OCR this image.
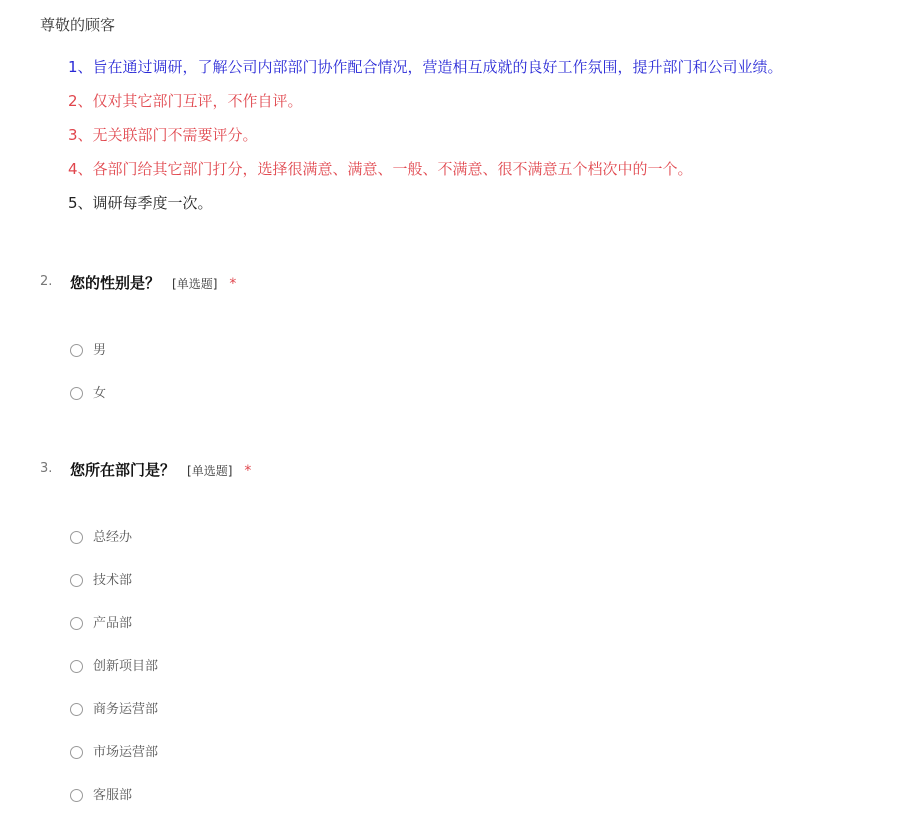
尊敬的顾客
1、旨在通过调研，了解公司内部部门协作配合情况，营造相互成就的良好工作氛围，提升部门和公司业绩。
2、仅对其它部门互评，不作自评。
3、无关联部门不需要评分。
4、各部门给其它部门打分，选择很满意、满意、一般、不满意、很不满意五个档次中的一个。
5、调研每季度一次。
2. 您的性别是？ [单选题] *
男
女
3. 您所在部门是？ [单选题] *
总经办
技术部
产品部
创新项目部
商务运营部
市场运营部
客服部
